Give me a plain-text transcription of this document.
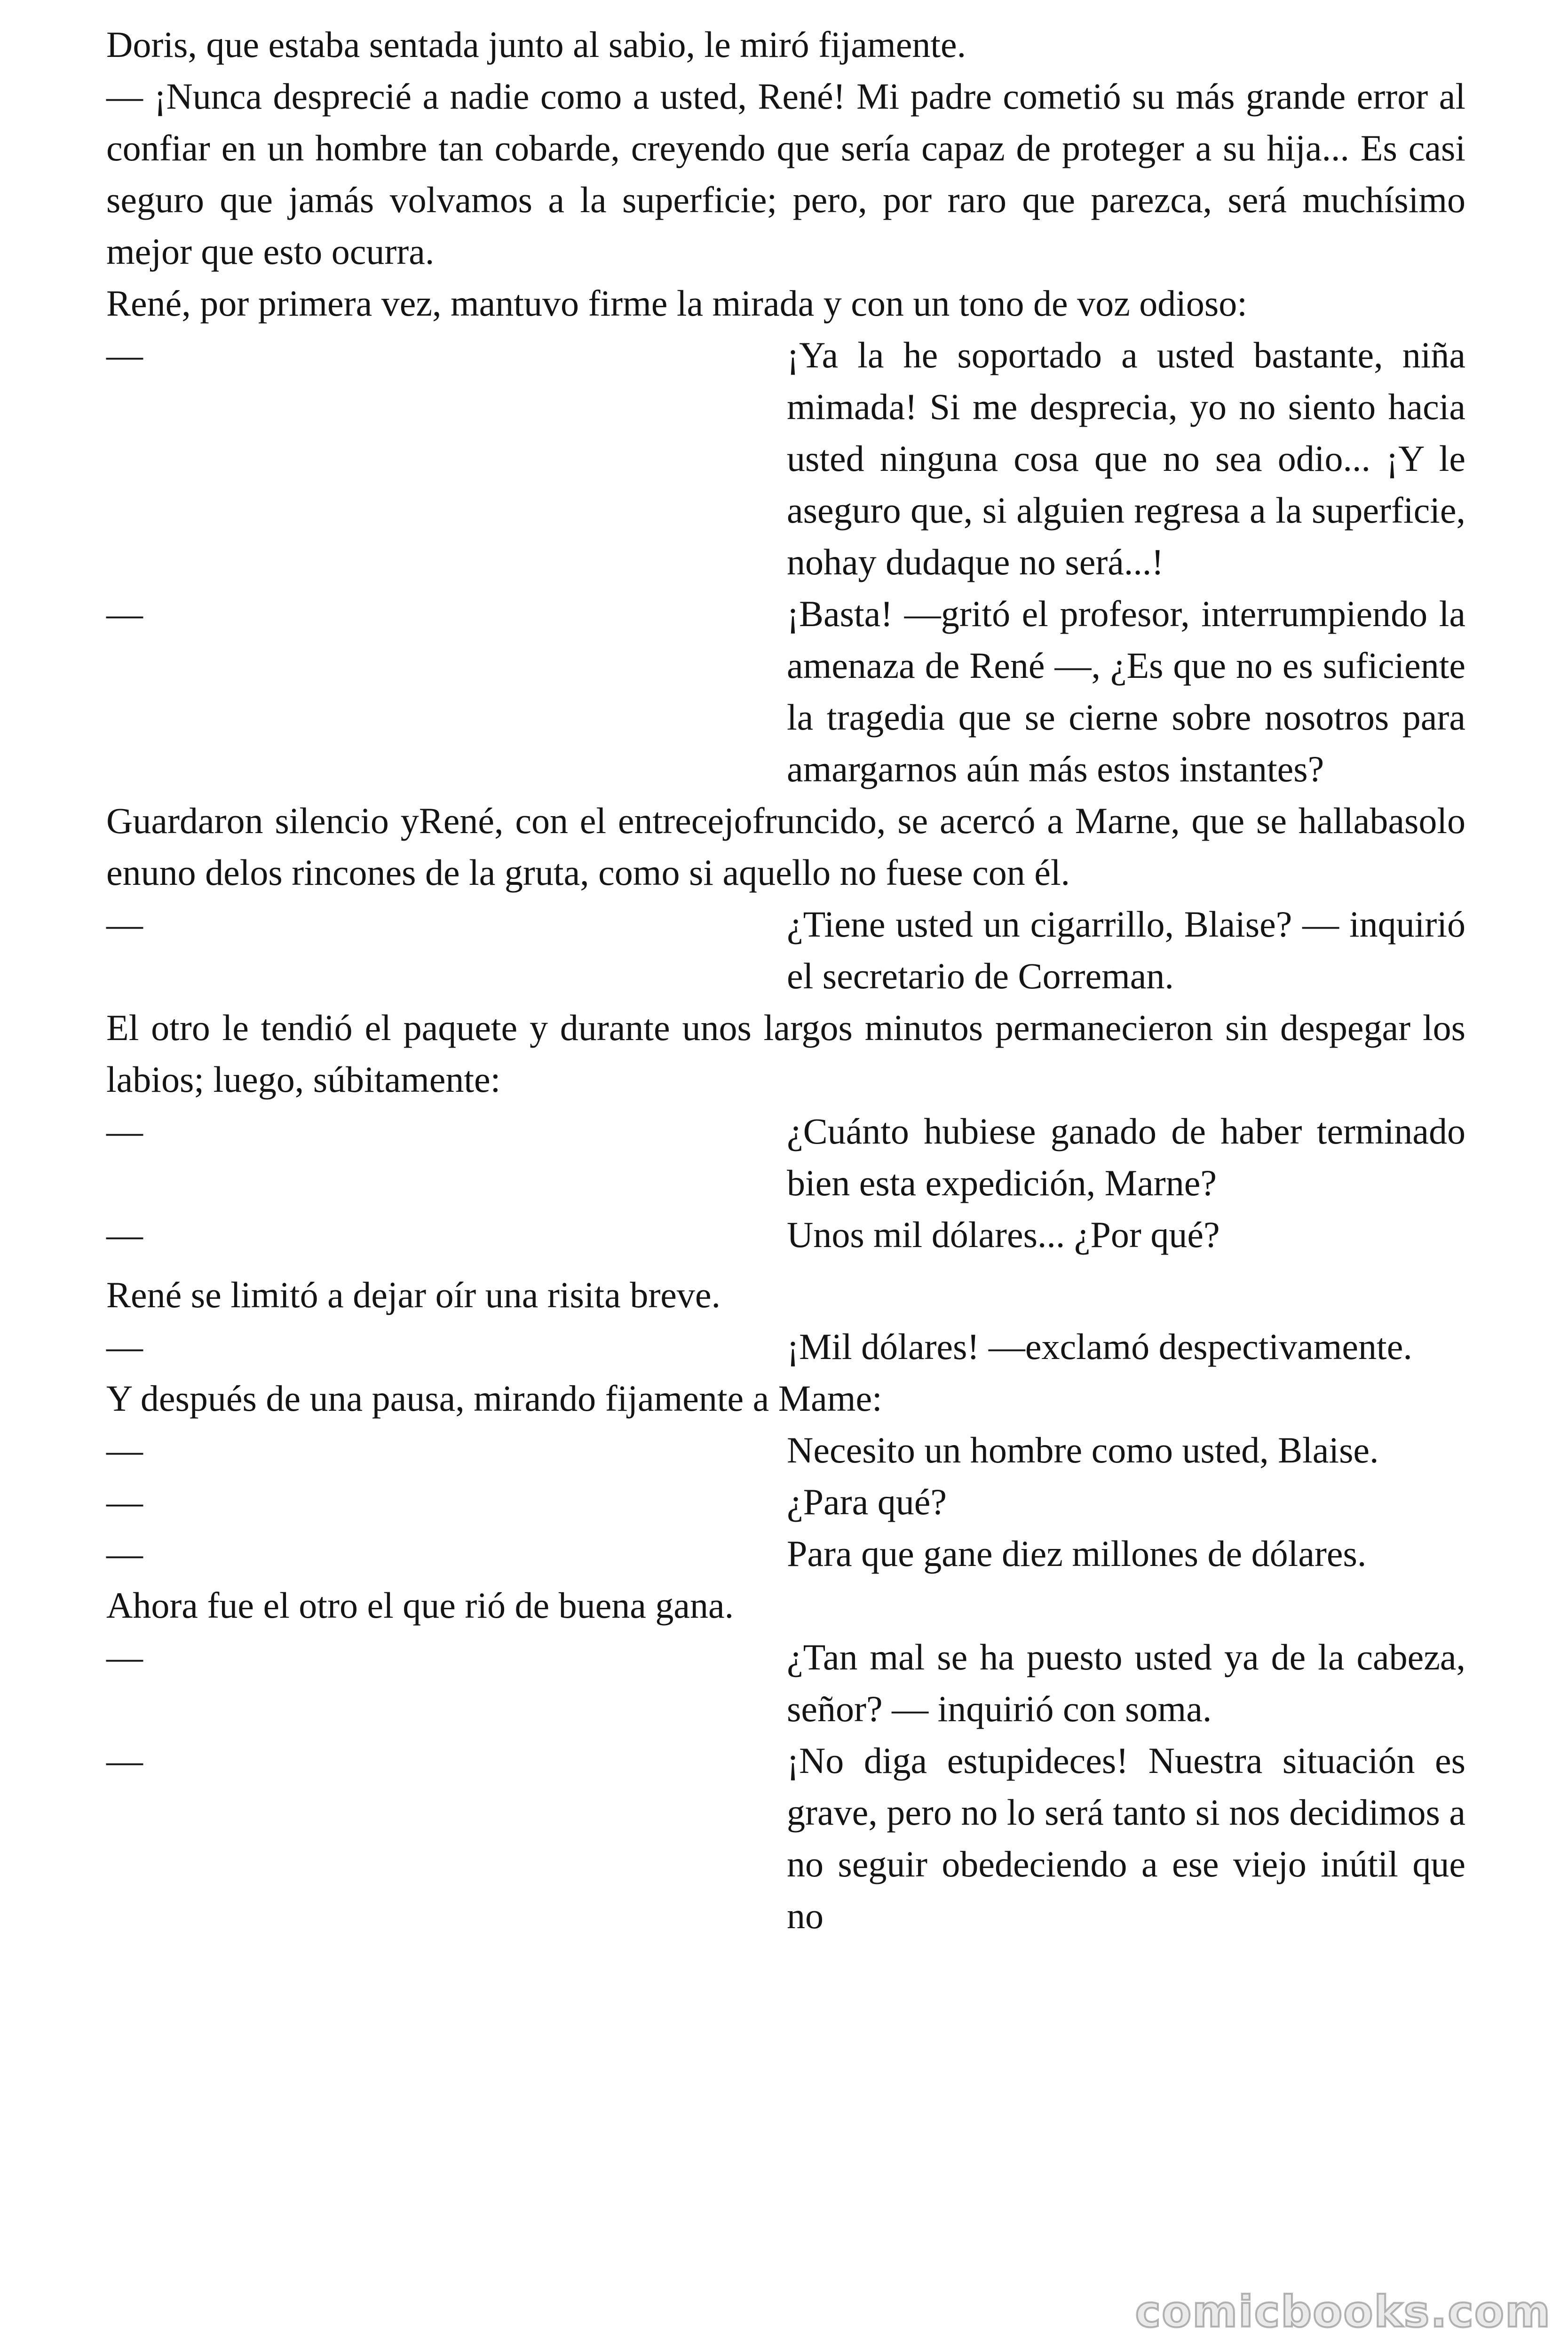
Doris, que estaba sentada junto al sabio, le miró fijamente.

— ¡Nunca desprecié a nadie como a usted, René! Mi padre cometió su más grande error al confiar en un hombre tan cobarde, creyendo que sería capaz de proteger a su hija... Es casi seguro que jamás volvamos a la superficie; pero, por raro que parezca, será muchísimo mejor que esto ocurra.

René, por primera vez, mantuvo firme la mirada y con un tono de voz odioso:

—	¡Ya la he soportado a usted bastante, niña mimada! Si me desprecia, yo no siento hacia usted ninguna cosa que no sea odio... ¡Y le aseguro que, si alguien regresa a la superficie, nohay dudaque no será...!
—	¡Basta! —gritó el profesor, interrumpiendo la amenaza de René —, ¿Es que no es suficiente la tragedia que se cierne sobre nosotros para amargarnos aún más estos instantes?

Guardaron silencio yRené, con el entrecejofruncido, se acercó a Marne, que se hallabasolo enuno delos rincones de la gruta, como si aquello no fuese con él.

—	¿Tiene usted un cigarrillo, Blaise? — inquirió el secretario de Correman.

El otro le tendió el paquete y durante unos largos minutos permanecieron sin despegar los labios; luego, súbitamente:

—	¿Cuánto hubiese ganado de haber terminado bien esta expedición, Marne?
—	Unos mil dólares... ¿Por qué?

René se limitó a dejar oír una risita breve.

—	¡Mil dólares! —exclamó despectivamente.

Y después de una pausa, mirando fijamente a Mame:

—	Necesito un hombre como usted, Blaise.
—	¿Para qué?
—	Para que gane diez millones de dólares.

Ahora fue el otro el que rió de buena gana.

—	¿Tan mal se ha puesto usted ya de la cabeza, señor? — inquirió con soma.
—	¡No diga estupideces! Nuestra situación es grave, pero no lo será tanto si nos decidimos a no seguir obedeciendo a ese viejo inútil que no
comicbooks.com
